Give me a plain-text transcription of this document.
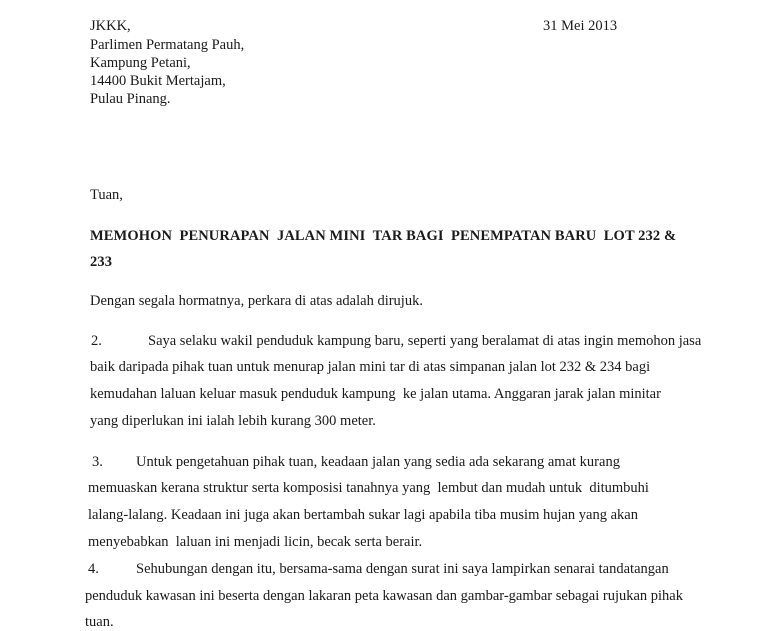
JKKK,
Parlimen Permatang Pauh,
Kampung Petani,
14400 Bukit Mertajam,
Pulau Pinang.
31 Mei 2013
Tuan,
MEMOHON  PENURAPAN  JALAN MINI  TAR BAGI  PENEMPATAN BARU  LOT 232 &
233
Dengan segala hormatnya, perkara di atas adalah dirujuk.
2.	Saya selaku wakil penduduk kampung baru, seperti yang beralamat di atas ingin memohon jasa
baik daripada pihak tuan untuk menurap jalan mini tar di atas simpanan jalan lot 232 & 234 bagi
kemudahan laluan keluar masuk penduduk kampung  ke jalan utama. Anggaran jarak jalan minitar
yang diperlukan ini ialah lebih kurang 300 meter.
3. Untuk pengetahuan pihak tuan, keadaan jalan yang sedia ada sekarang amat kurang
memuaskan kerana struktur serta komposisi tanahnya yang  lembut dan mudah untuk  ditumbuhi
lalang-lalang. Keadaan ini juga akan bertambah sukar lagi apabila tiba musim hujan yang akan
menyebabkan  laluan ini menjadi licin, becak serta berair.
4.	Sehubungan dengan itu, bersama-sama dengan surat ini saya lampirkan senarai tandatangan
penduduk kawasan ini beserta dengan lakaran peta kawasan dan gambar-gambar sebagai rujukan pihak
tuan.
